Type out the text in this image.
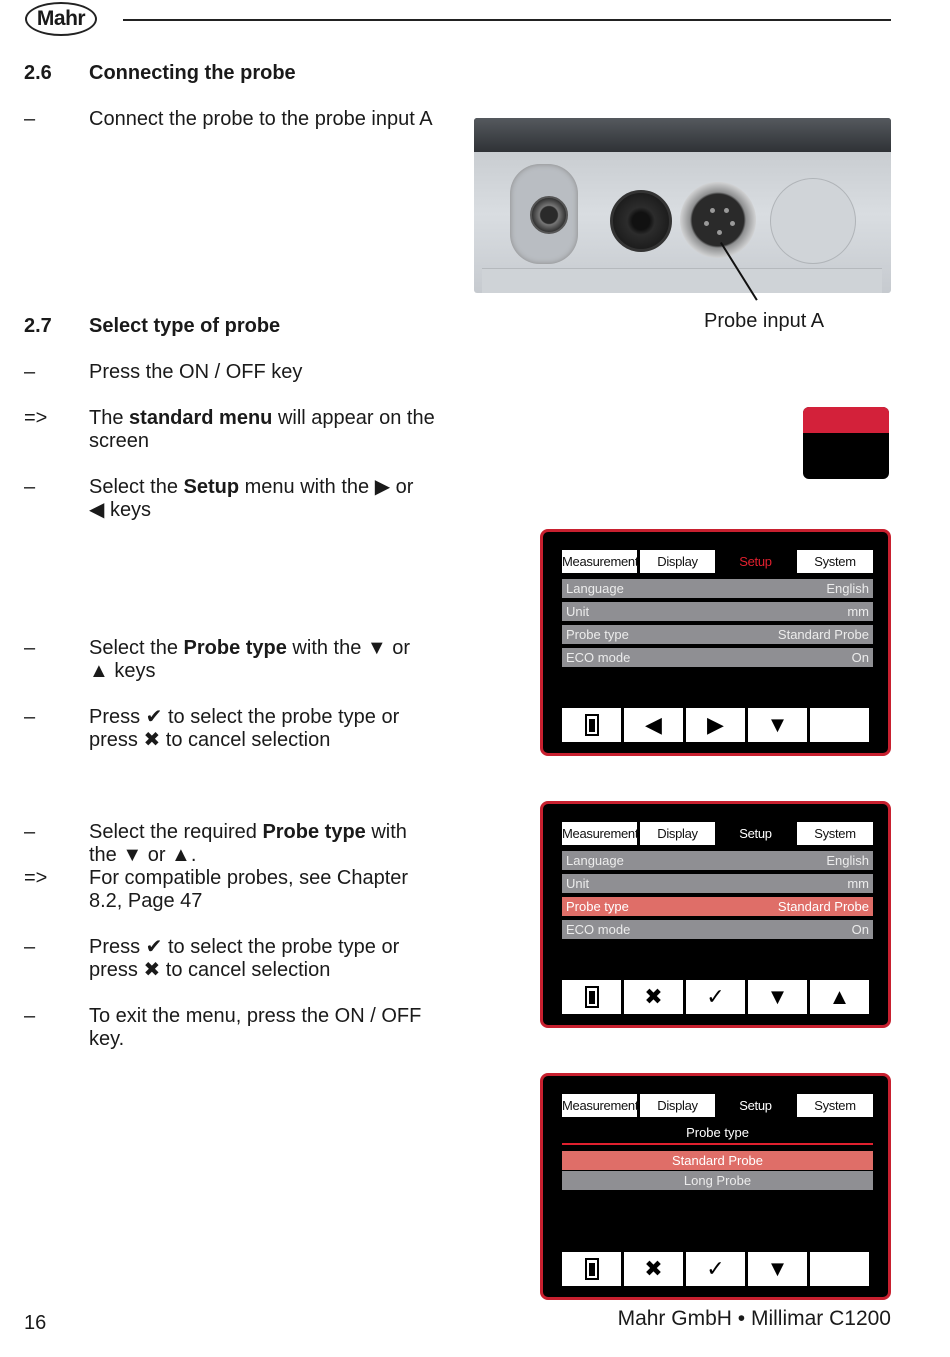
Mahr
2.6 Connecting the probe
–	Connect the probe to the probe input A
Probe input A
2.7 Select type of probe
–	Press the ON / OFF key
=> The standard menu will appear on the screen
–	Select the Setup menu with the ▶ or ◀ keys
–	Select the Probe type with the ▼ or ▲ keys
–	Press ✔ to select the probe type or press ✖ to cancel selection
–	Select the required Probe type with the ▼ or ▲.
=> For compatible probes, see Chapter 8.2, Page 47
–	Press ✔ to select the probe type or press ✖ to cancel selection
–	To exit the menu, press the ON / OFF key.
Measurement	Display	Setup	System
Language	English
Unit	mm
Probe type	Standard Probe
ECO mode	On
◀ ▶ ▼
Measurement	Display	Setup	System
Language	English
Unit	mm
Probe type	Standard Probe
ECO mode	On
✖ ✓ ▼ ▲
Measurement	Display	Setup	System
Probe type
Standard Probe
Long Probe
✖ ✓ ▼
16	Mahr GmbH • Millimar C1200
